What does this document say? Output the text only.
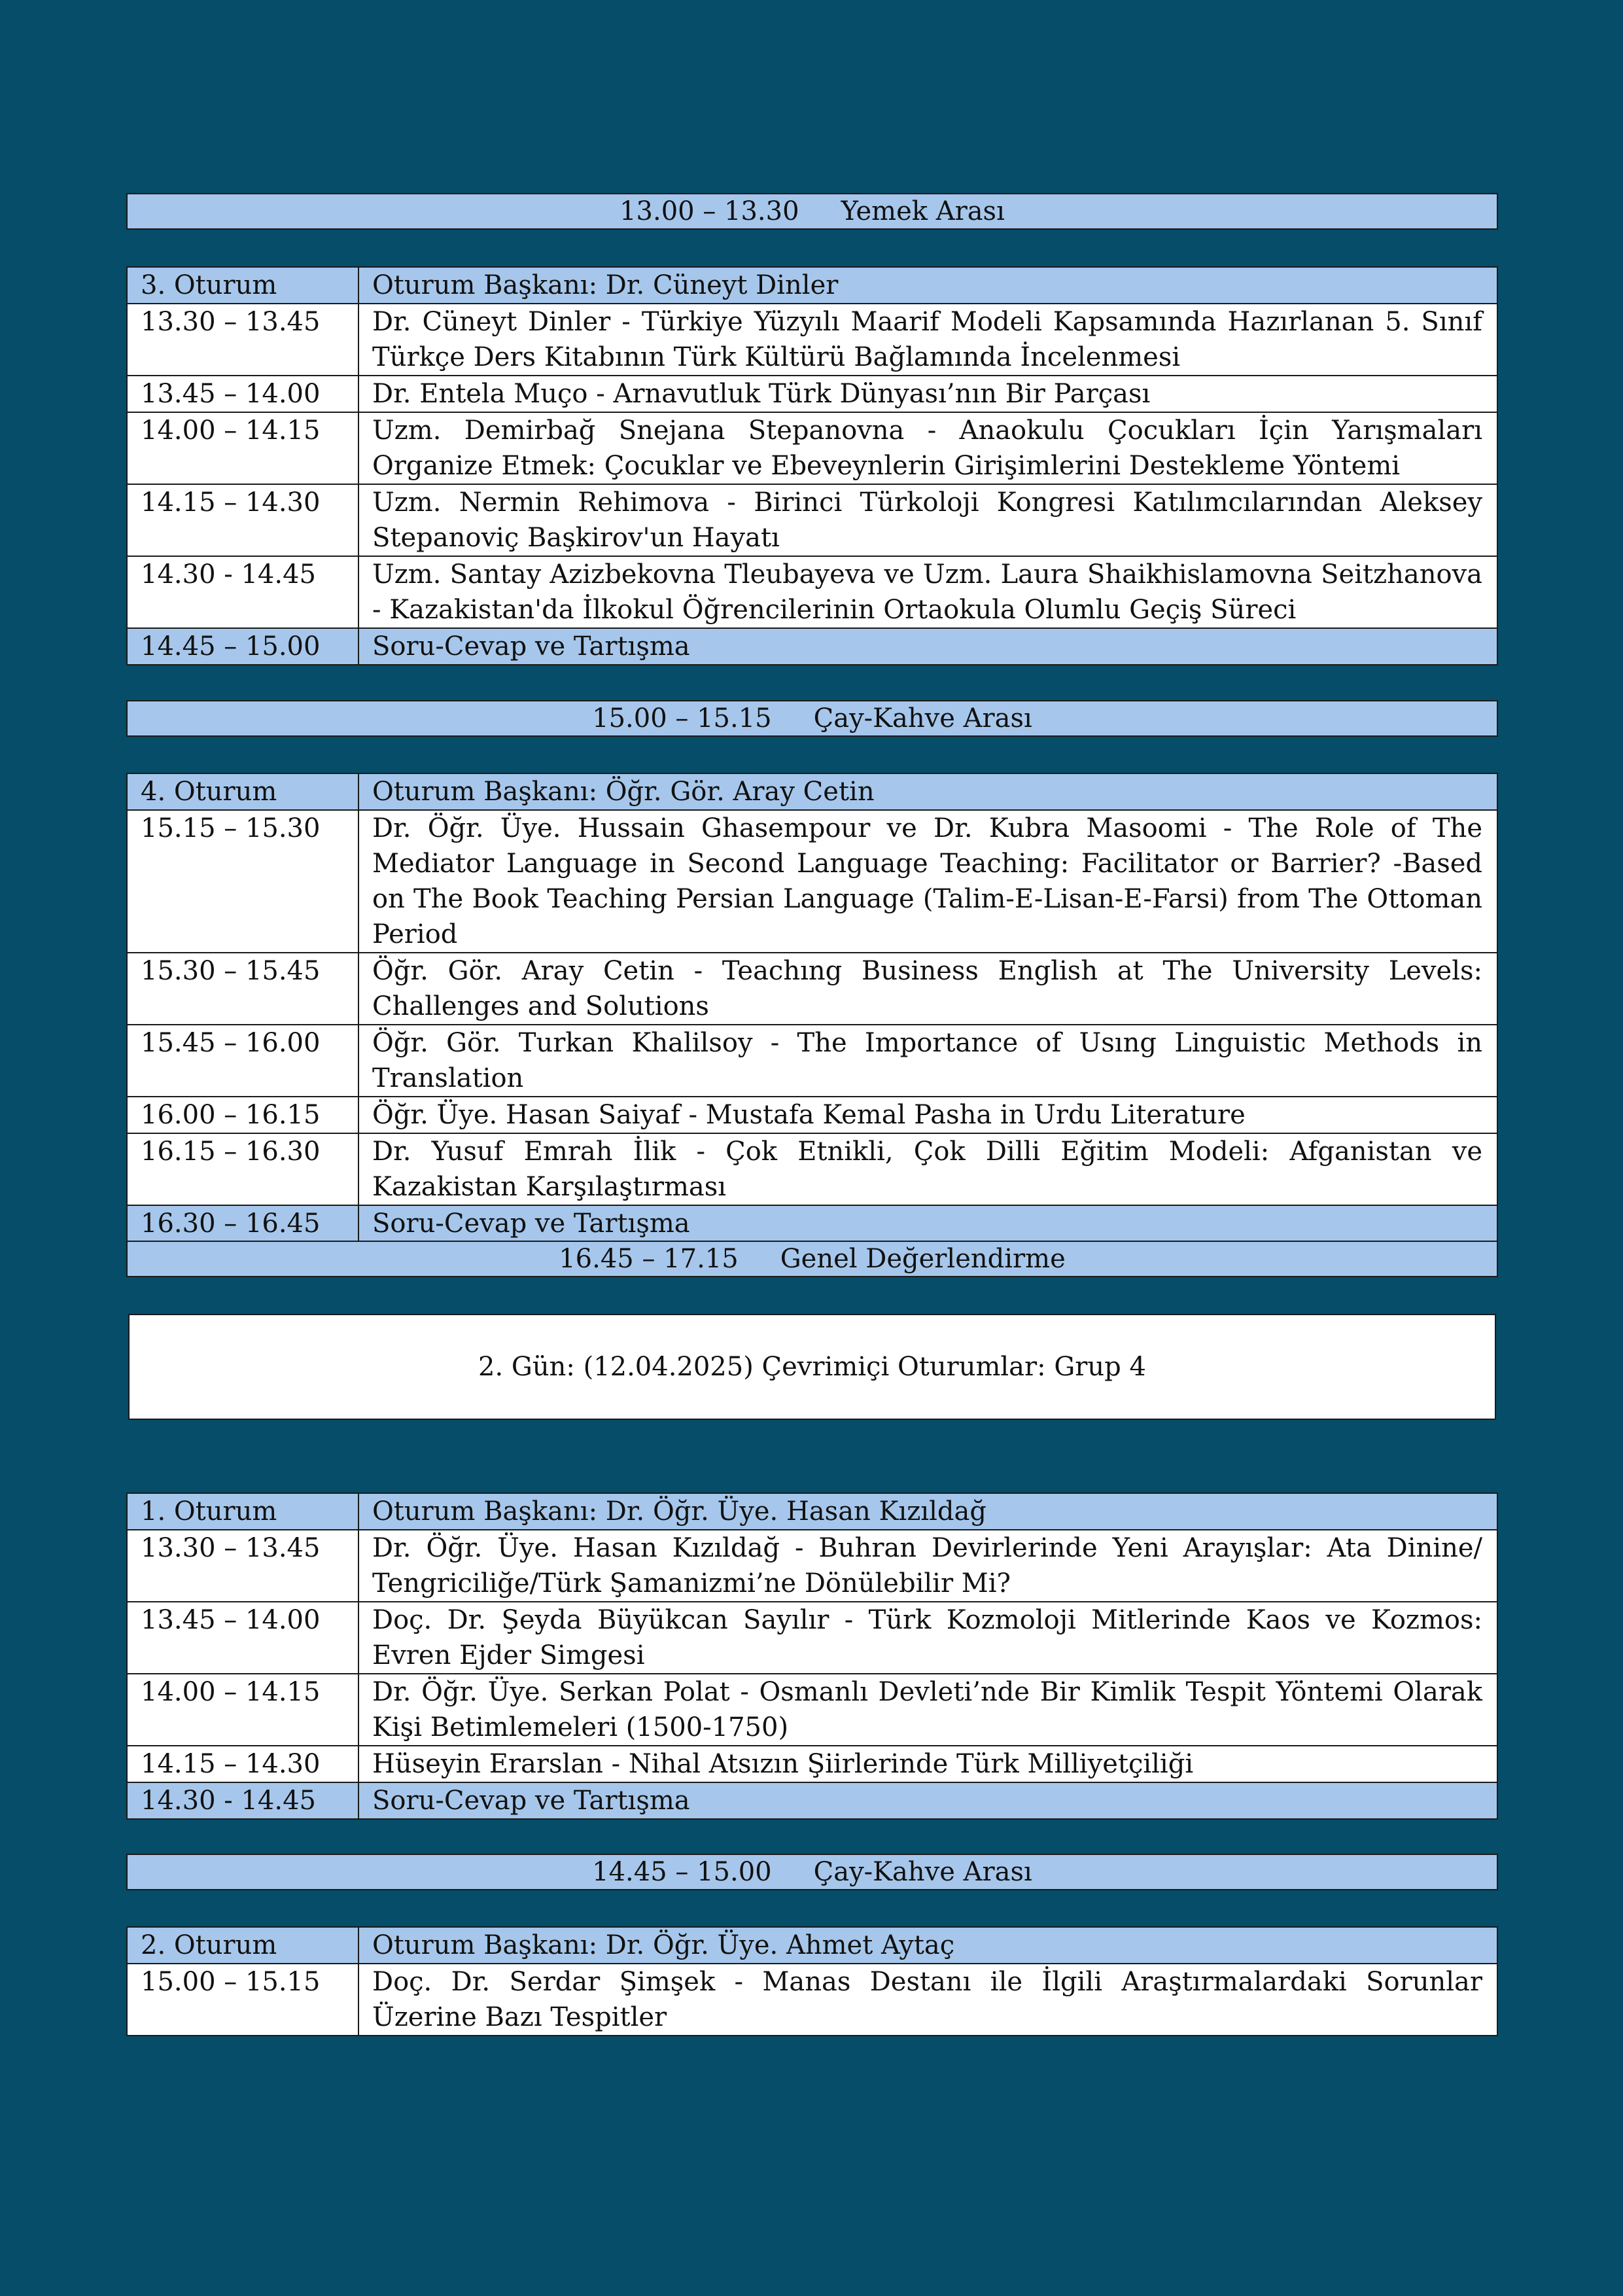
13.00 – 13.30 Yemek Arası
3. Oturum	Oturum Başkanı: Dr. Cüneyt Dinler
13.30 – 13.45	Dr. Cüneyt Dinler - Türkiye Yüzyılı Maarif Modeli Kapsamında Hazırlanan 5. Sınıf Türkçe Ders Kitabının Türk Kültürü Bağlamında İncelenmesi
13.45 – 14.00	Dr. Entela Muço - Arnavutluk Türk Dünyası’nın Bir Parçası
14.00 – 14.15	Uzm. Demirbağ Snejana Stepanovna - Anaokulu Çocukları İçin Yarışmaları Organize Etmek: Çocuklar ve Ebeveynlerin Girişimlerini Destekleme Yöntemi
14.15 – 14.30	Uzm. Nermin Rehimova - Birinci Türkoloji Kongresi Katılımcılarından Aleksey Stepanoviç Başkirov'un Hayatı
14.30 - 14.45	Uzm. Santay Azizbekovna Tleubayeva ve Uzm. Laura Shaikhislamovna Seitzhanova - Kazakistan'da İlkokul Öğrencilerinin Ortaokula Olumlu Geçiş Süreci
14.45 – 15.00	Soru-Cevap ve Tartışma
15.00 – 15.15 Çay-Kahve Arası
4. Oturum	Oturum Başkanı: Öğr. Gör. Aray Cetin
15.15 – 15.30	Dr. Öğr. Üye. Hussain Ghasempour ve Dr. Kubra Masoomi - The Role of The Mediator Language in Second Language Teaching: Facilitator or Barrier? -Based on The Book Teaching Persian Language (Talim-E-Lisan-E-Farsi) from The Ottoman Period
15.30 – 15.45	Öğr. Gör. Aray Cetin - Teachıng Business English at The University Levels: Challenges and Solutions
15.45 – 16.00	Öğr. Gör. Turkan Khalilsoy - The Importance of Usıng Linguistic Methods in Translation
16.00 – 16.15	Öğr. Üye. Hasan Saiyaf - Mustafa Kemal Pasha in Urdu Literature
16.15 – 16.30	Dr. Yusuf Emrah İlik - Çok Etnikli, Çok Dilli Eğitim Modeli: Afganistan ve Kazakistan Karşılaştırması
16.30 – 16.45	Soru-Cevap ve Tartışma
16.45 – 17.15 Genel Değerlendirme
2. Gün: (12.04.2025) Çevrimiçi Oturumlar: Grup 4
1. Oturum	Oturum Başkanı: Dr. Öğr. Üye. Hasan Kızıldağ
13.30 – 13.45	Dr. Öğr. Üye. Hasan Kızıldağ - Buhran Devirlerinde Yeni Arayışlar: Ata Dinine/ Tengriciliğe/Türk Şamanizmi’ne Dönülebilir Mi?
13.45 – 14.00	Doç. Dr. Şeyda Büyükcan Sayılır - Türk Kozmoloji Mitlerinde Kaos ve Kozmos: Evren Ejder Simgesi
14.00 – 14.15	Dr. Öğr. Üye. Serkan Polat - Osmanlı Devleti’nde Bir Kimlik Tespit Yöntemi Olarak Kişi Betimlemeleri (1500-1750)
14.15 – 14.30	Hüseyin Erarslan - Nihal Atsızın Şiirlerinde Türk Milliyetçiliği
14.30 - 14.45	Soru-Cevap ve Tartışma
14.45 – 15.00 Çay-Kahve Arası
2. Oturum	Oturum Başkanı: Dr. Öğr. Üye. Ahmet Aytaç
15.00 – 15.15	Doç. Dr. Serdar Şimşek - Manas Destanı ile İlgili Araştırmalardaki Sorunlar Üzerine Bazı Tespitler
